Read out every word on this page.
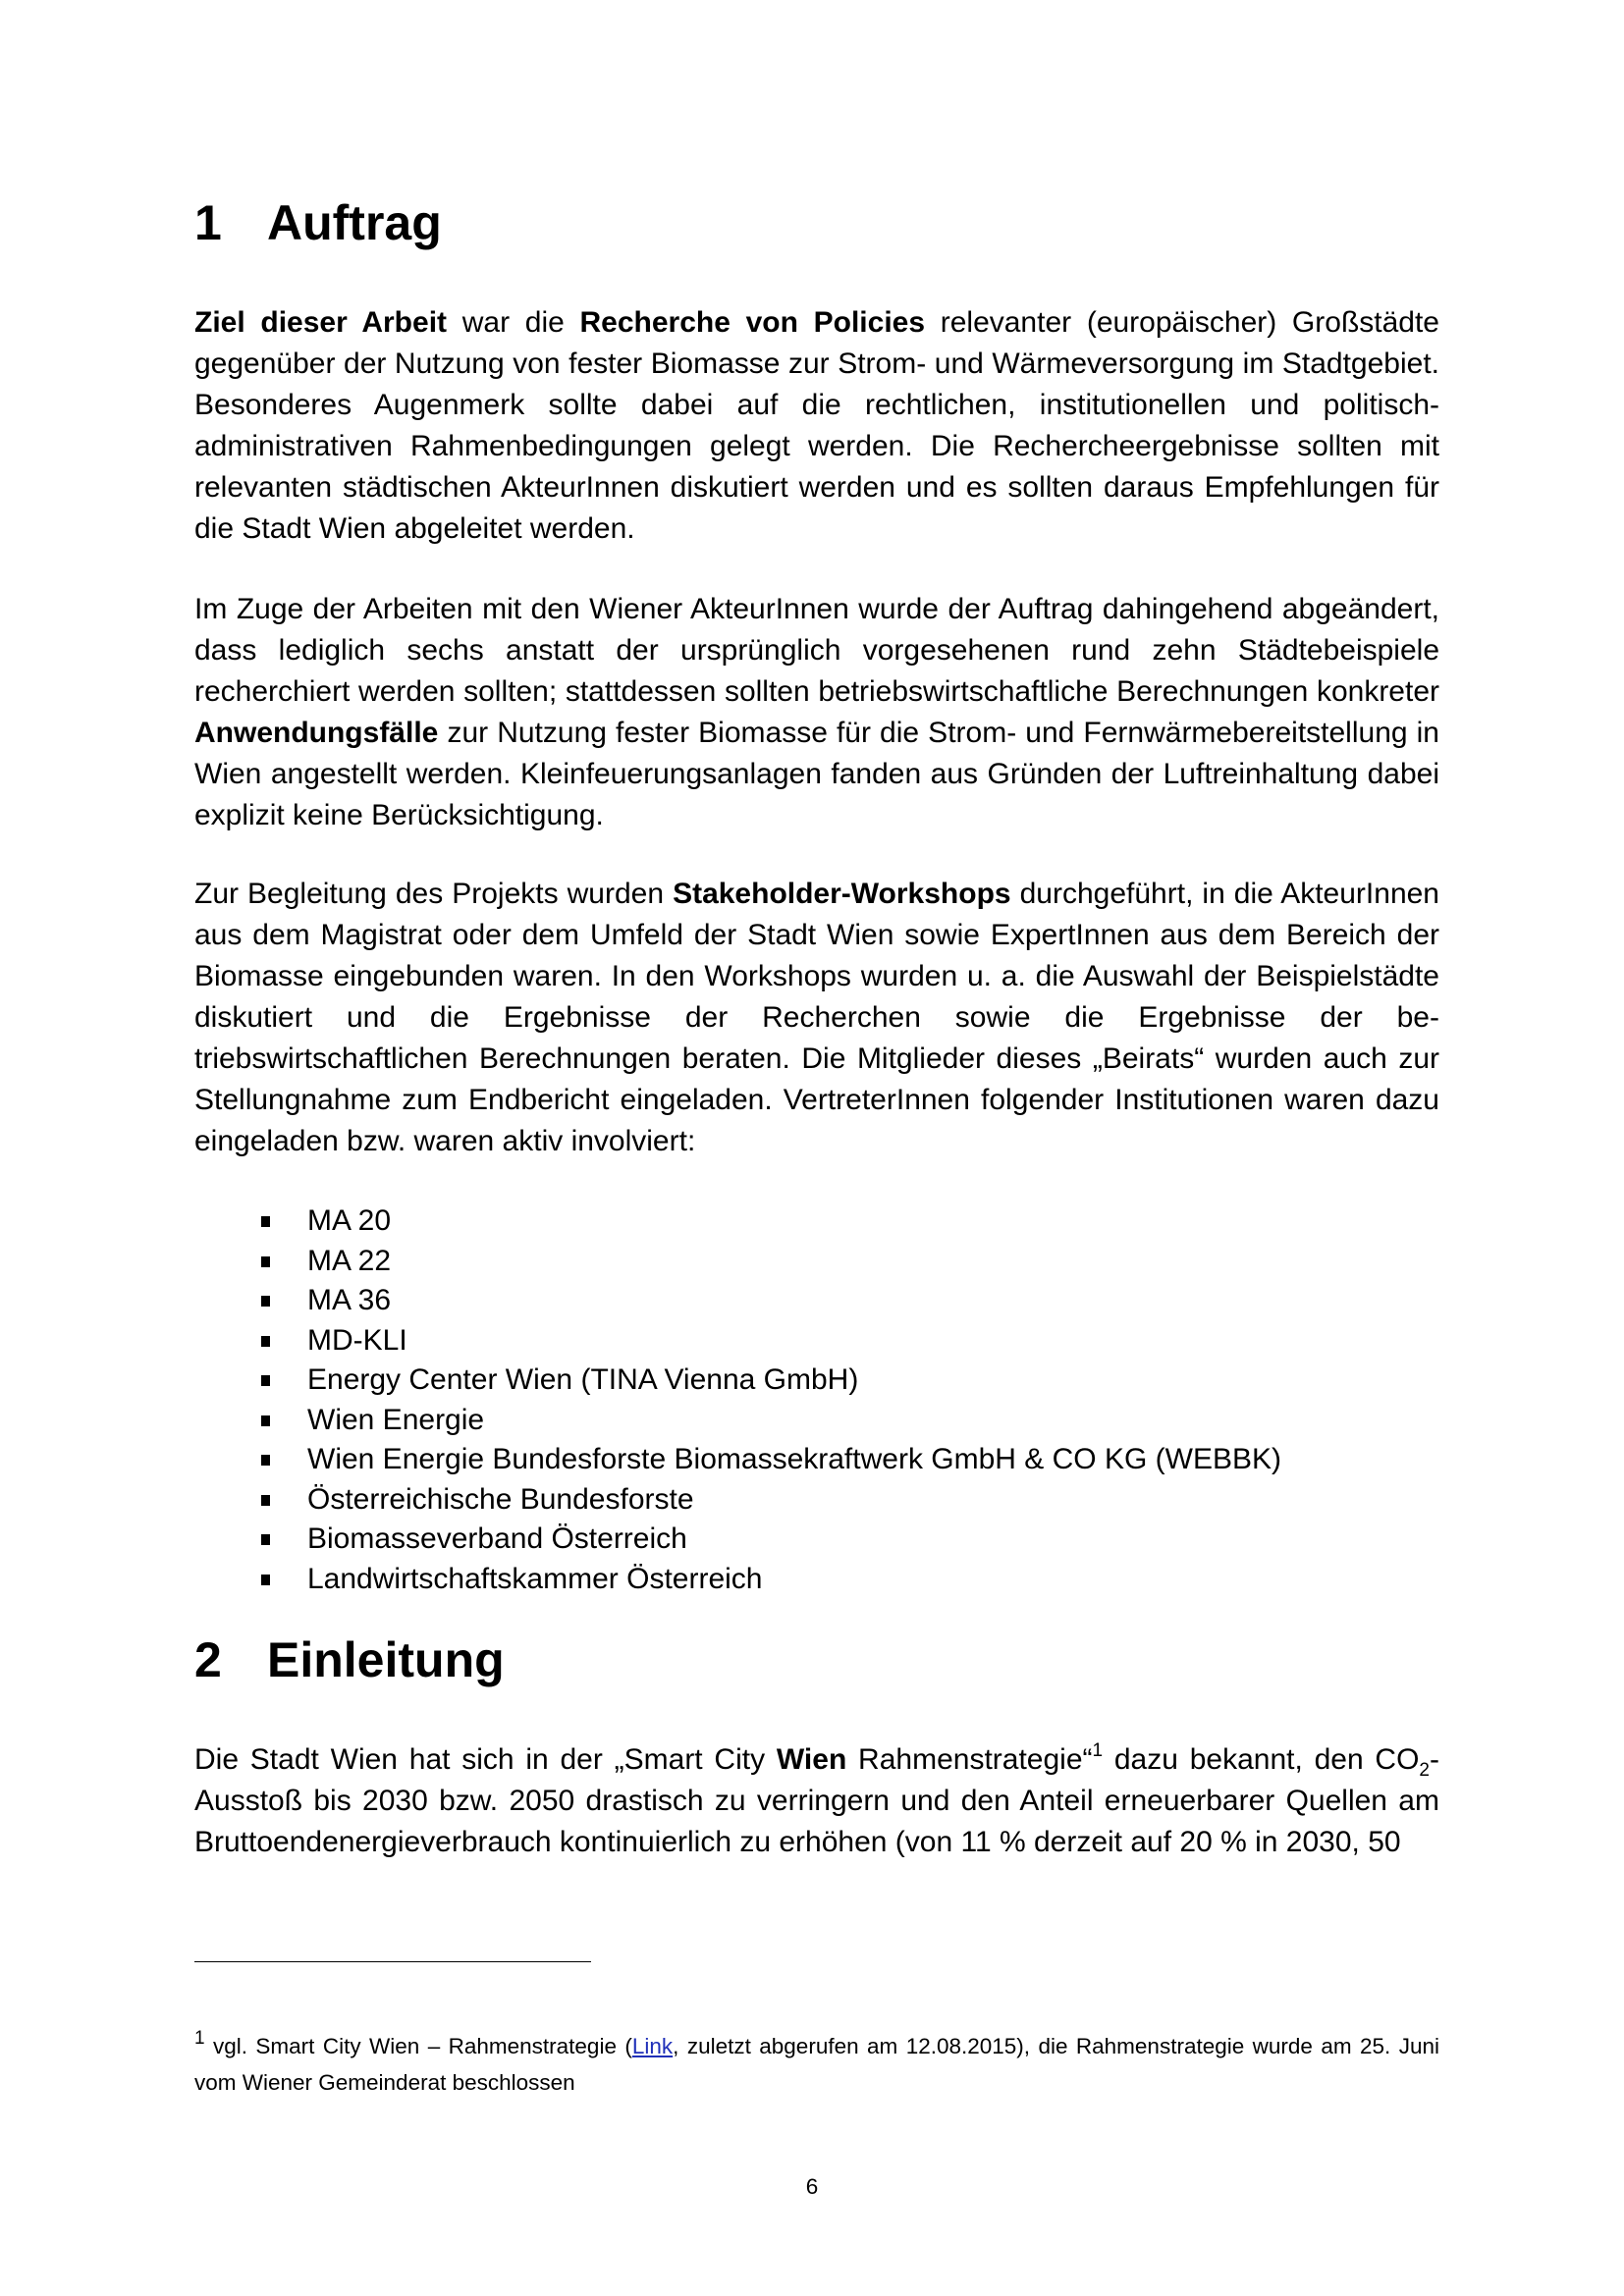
1 Auftrag

Ziel dieser Arbeit war die Recherche von Policies relevanter (europäischer) Großstädte gegenüber der Nutzung von fester Biomasse zur Strom- und Wärmeversorgung im Stadtgebiet. Besonderes Augenmerk sollte dabei auf die rechtlichen, institutionellen und politisch-administrativen Rahmenbedingungen gelegt werden. Die Rechercheergebnisse sollten mit relevanten städtischen AkteurInnen diskutiert werden und es sollten daraus Empfehlungen für die Stadt Wien abgeleitet werden.

Im Zuge der Arbeiten mit den Wiener AkteurInnen wurde der Auftrag dahingehend abgeändert, dass lediglich sechs anstatt der ursprünglich vorgesehenen rund zehn Städtebeispiele recherchiert werden sollten; stattdessen sollten betriebswirtschaftliche Berechnungen konkreter Anwendungsfälle zur Nutzung fester Biomasse für die Strom- und Fernwärmebereitstellung in Wien angestellt werden. Kleinfeuerungsanlagen fanden aus Gründen der Luftreinhaltung dabei explizit keine Berücksichtigung.

Zur Begleitung des Projekts wurden Stakeholder-Workshops durchgeführt, in die AkteurInnen aus dem Magistrat oder dem Umfeld der Stadt Wien sowie ExpertInnen aus dem Bereich der Biomasse eingebunden waren. In den Workshops wurden u. a. die Auswahl der Beispielstädte diskutiert und die Ergebnisse der Recherchen sowie die Ergebnisse der betriebswirtschaftlichen Berechnungen beraten. Die Mitglieder dieses „Beirats“ wurden auch zur Stellungnahme zum Endbericht eingeladen. VertreterInnen folgender Institutionen waren dazu eingeladen bzw. waren aktiv involviert:

MA 20
MA 22
MA 36
MD-KLI
Energy Center Wien (TINA Vienna GmbH)
Wien Energie
Wien Energie Bundesforste Biomassekraftwerk GmbH & CO KG (WEBBK)
Österreichische Bundesforste
Biomasseverband Österreich
Landwirtschaftskammer Österreich
2 Einleitung

Die Stadt Wien hat sich in der „Smart City Wien Rahmenstrategie“$^1$ dazu bekannt, den $CO_2$-Ausstoß bis 2030 bzw. 2050 drastisch zu verringern und den Anteil erneuerbarer Quellen am Bruttoendenergieverbrauch kontinuierlich zu erhöhen (von 11 % derzeit auf 20 % in 2030, 50

$^1$ vgl. Smart City Wien – Rahmenstrategie (Link, zuletzt abgerufen am 12.08.2015), die Rahmenstrategie wurde am 25. Juni vom Wiener Gemeinderat beschlossen
6
